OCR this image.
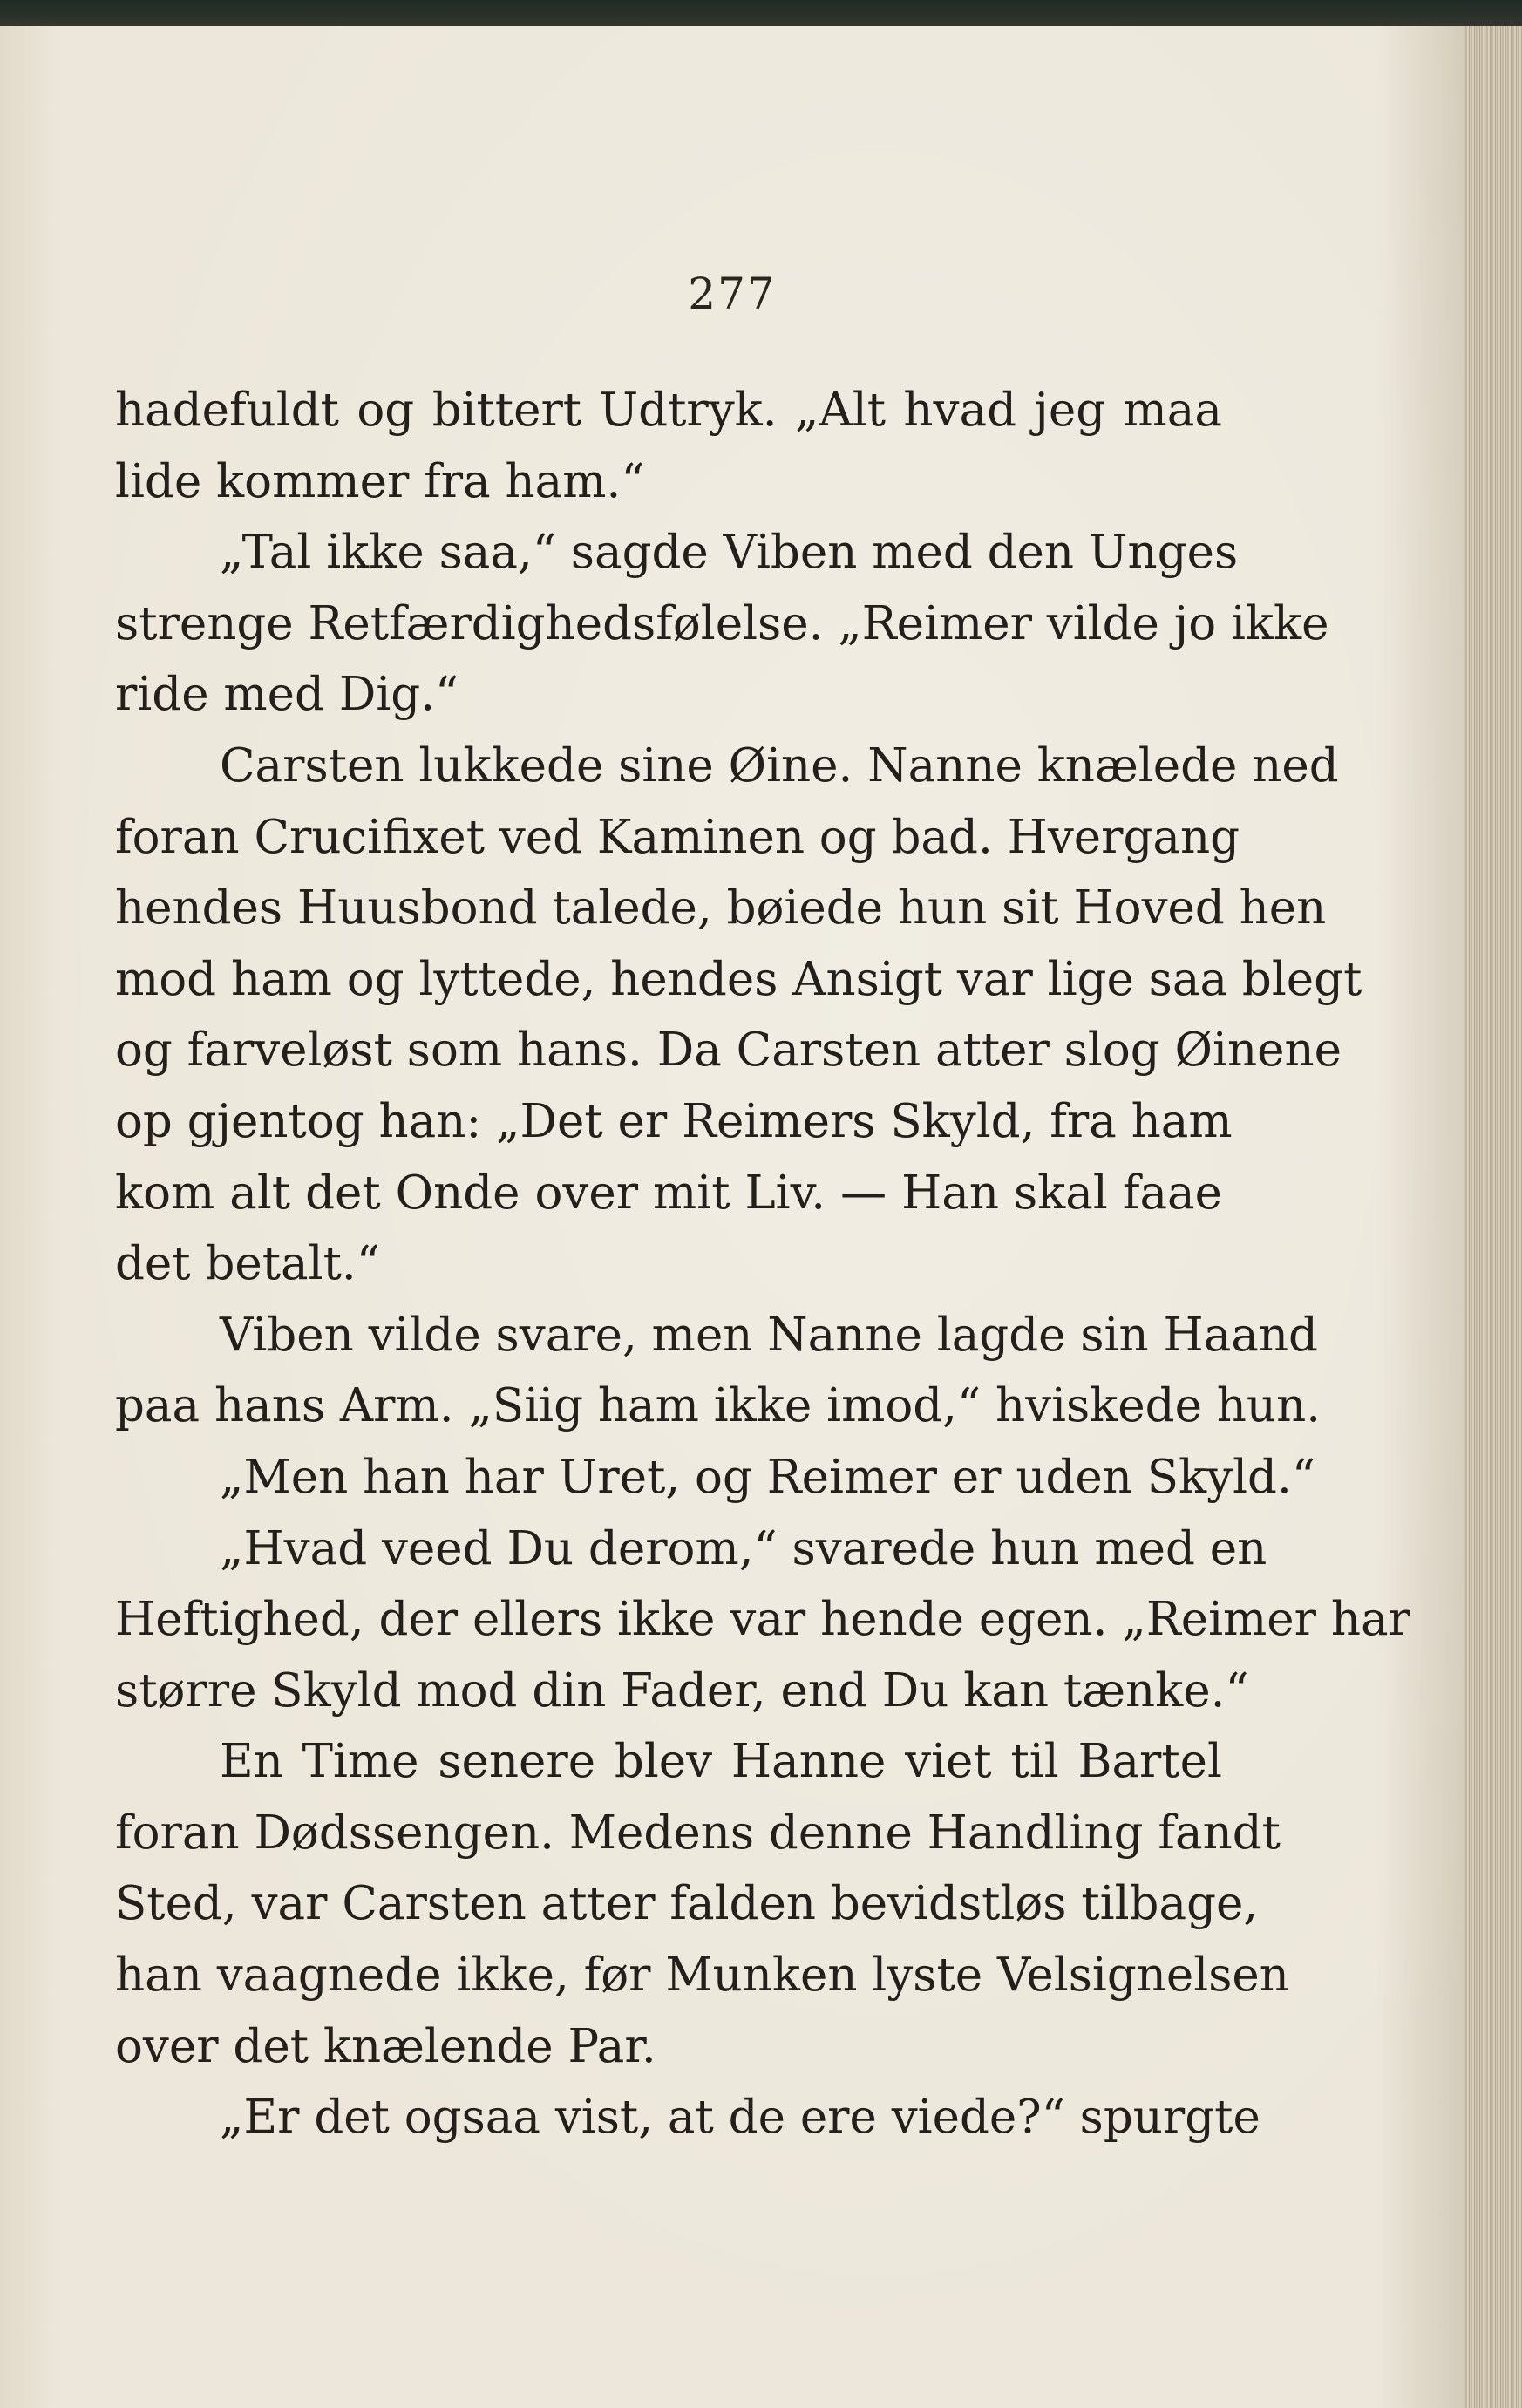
277
hadefuldt og bittert Udtryk. „Alt hvad jeg maa
lide kommer fra ham.“
„Tal ikke saa,“ sagde Viben med den Unges
strenge Retfærdighedsfølelse. „Reimer vilde jo ikke
ride med Dig.“
Carsten lukkede sine Øine. Nanne knælede ned
foran Crucifixet ved Kaminen og bad. Hvergang
hendes Huusbond talede, bøiede hun sit Hoved hen
mod ham og lyttede, hendes Ansigt var lige saa blegt
og farveløst som hans. Da Carsten atter slog Øinene
op gjentog han: „Det er Reimers Skyld, fra ham
kom alt det Onde over mit Liv. — Han skal faae
det betalt.“
Viben vilde svare, men Nanne lagde sin Haand
paa hans Arm. „Siig ham ikke imod,“ hviskede hun.
„Men han har Uret, og Reimer er uden Skyld.“
„Hvad veed Du derom,“ svarede hun med en
Heftighed, der ellers ikke var hende egen. „Reimer har
større Skyld mod din Fader, end Du kan tænke.“
En Time senere blev Hanne viet til Bartel
foran Dødssengen. Medens denne Handling fandt
Sted, var Carsten atter falden bevidstløs tilbage,
han vaagnede ikke, før Munken lyste Velsignelsen
over det knælende Par.
„Er det ogsaa vist, at de ere viede?“ spurgte
